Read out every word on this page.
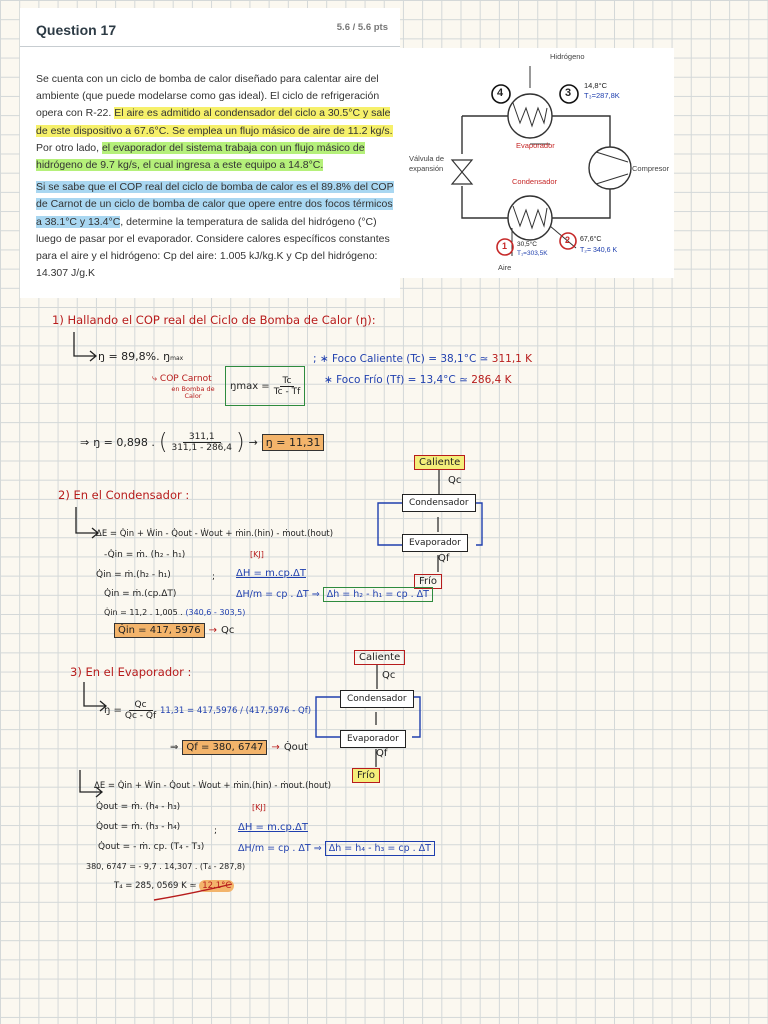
Question 17	5.6 / 5.6 pts

Se cuenta con un ciclo de bomba de calor diseñado para calentar aire del ambiente (que puede modelarse como gas ideal). El ciclo de refrigeración opera con R-22. El aire es admitido al condensador del ciclo a 30.5°C y sale de este dispositivo a 67.6°C. Se emplea un flujo másico de aire de 11.2 kg/s. Por otro lado, el evaporador del sistema trabaja con un flujo másico de hidrógeno de 9.7 kg/s, el cual ingresa a este equipo a 14.8°C.

Si se sabe que el COP real del ciclo de bomba de calor es el 89.8% del COP de Carnot de un ciclo de bomba de calor que opere entre dos focos térmicos a 38.1°C y 13.4°C, determine la temperatura de salida del hidrógeno (°C) luego de pasar por el evaporador. Considere calores específicos constantes para el aire y el hidrógeno: Cp del aire: 1.005 kJ/kg.K y Cp del hidrógeno: 14.307 J/g.K

Hidrógeno
Evaporador
Condensador
Válvula de
expansión	Compresor
Aire
4	3
1
2
14,8°C
T₃=287,8K
30,5°C
T₁=303,5K
67,6°C
T₂= 340,6 K
1) Hallando el COP real del Ciclo de Bomba de Calor (ŋ):
ŋ = 89,8%. ŋmax
⤷ COP Carnot
en Bomba de Calor
ŋmax = $\frac{Tc}{Tc - Tf}$
; ∗ Foco Caliente (Tc) = 38,1°C ≃ 311,1 K
∗ Foco Frío (Tf) = 13,4°C ≃ 286,4 K
⇒ ŋ = 0,898 . ( $\frac{311,1}{311,1 - 286,4}$ ) → ŋ = 11,31
Caliente
Qc
Condensador
Evaporador
Qf
Frío
2) En el Condensador :
ΔE = Q̇in + Ẇin - Q̇out - Ẇout + ṁin.(hin) - ṁout.(hout)
-Q̇in = ṁ. (h₂ - h₁)
Q̇in = ṁ.(h₂ - h₁)
Q̇in = ṁ.(cp.ΔT)
Q̇in = 11,2 . 1,005 . (340,6 - 303,5)
Q̇in = 417, 5976 → Qc
;
[KJ]
ΔH = m.cp.ΔT
ΔH/m = cp . ΔT ⇒ Δh = h₂ - h₁ = cp . ΔT
3) En el Evaporador :
ŋ = $\frac{Qc}{Qc - Qf} 11,31 = 417,5976 / (417,5976 - Qf)$
⇒ Qf = 380, 6747 → Q̇out
Caliente
Qc
Condensador
Evaporador
Qf
Frío
ΔE = Q̇in + Ẇin - Q̇out - Ẇout + ṁin.(hin) - ṁout.(hout)
Q̇out = ṁ. (h₄ - h₃)
Q̇out = ṁ. (h₃ - h₄)
Q̇out = - ṁ. cp. (T₄ - T₃)
380, 6747 = - 9,7 . 14,307 . (T₄ - 287,8)
T₄ = 285, 0569 K ≃ 12,1°C
;
[KJ]
ΔH = m.cp.ΔT
ΔH/m = cp . ΔT ⇒ Δh = h₄ - h₃ = cp . ΔT
